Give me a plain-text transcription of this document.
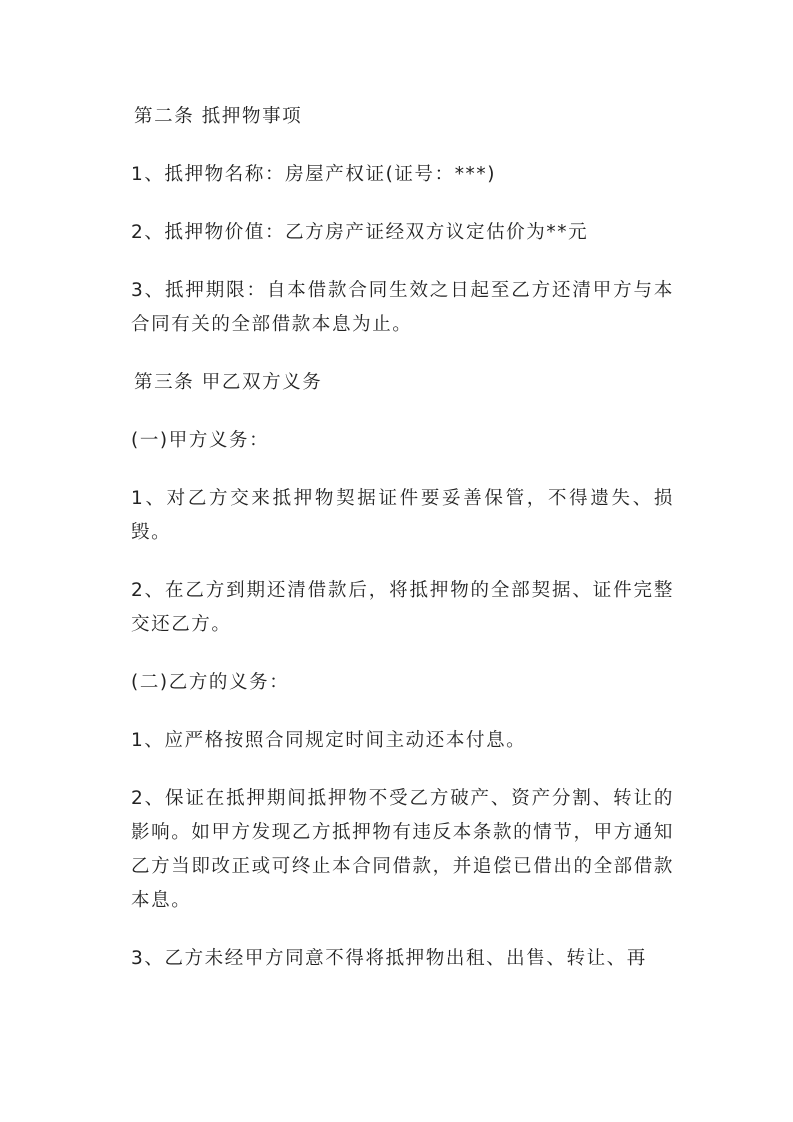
第二条 抵押物事项

1、抵押物名称：房屋产权证(证号：***)

2、抵押物价值：乙方房产证经双方议定估价为**元

3、抵押期限：自本借款合同生效之日起至乙方还清甲方与本合同有关的全部借款本息为止。

第三条 甲乙双方义务

(一)甲方义务：

1、对乙方交来抵押物契据证件要妥善保管，不得遗失、损毁。

2、在乙方到期还清借款后，将抵押物的全部契据、证件完整交还乙方。

(二)乙方的义务：

1、应严格按照合同规定时间主动还本付息。

2、保证在抵押期间抵押物不受乙方破产、资产分割、转让的影响。如甲方发现乙方抵押物有违反本条款的情节，甲方通知乙方当即改正或可终止本合同借款，并追偿已借出的全部借款本息。

3、乙方未经甲方同意不得将抵押物出租、出售、转让、再
